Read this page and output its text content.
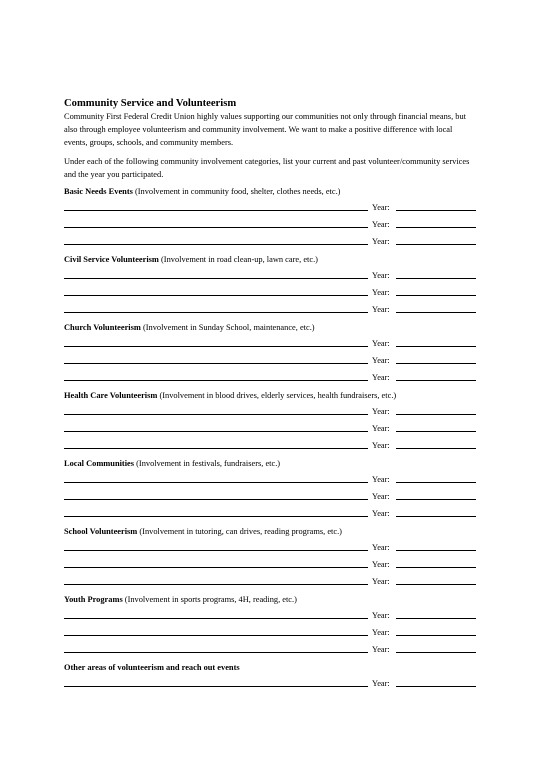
Community Service and Volunteerism

Community First Federal Credit Union highly values supporting our communities not only through financial means, but also through employee volunteerism and community involvement. We want to make a positive difference with local events, groups, schools, and community members.

Under each of the following community involvement categories, list your current and past volunteer/community services and the year you participated.

Basic Needs Events (Involvement in community food, shelter, clothes needs, etc.)
Year:
Year:
Year:
Civil Service Volunteerism (Involvement in road clean-up, lawn care, etc.)
Year:
Year:
Year:
Church Volunteerism (Involvement in Sunday School, maintenance, etc.)
Year:
Year:
Year:
Health Care Volunteerism (Involvement in blood drives, elderly services, health fundraisers, etc.)
Year:
Year:
Year:
Local Communities (Involvement in festivals, fundraisers, etc.)
Year:
Year:
Year:
School Volunteerism (Involvement in tutoring, can drives, reading programs, etc.)
Year:
Year:
Year:
Youth Programs (Involvement in sports programs, 4H, reading, etc.)
Year:
Year:
Year:
Other areas of volunteerism and reach out events
Year:
